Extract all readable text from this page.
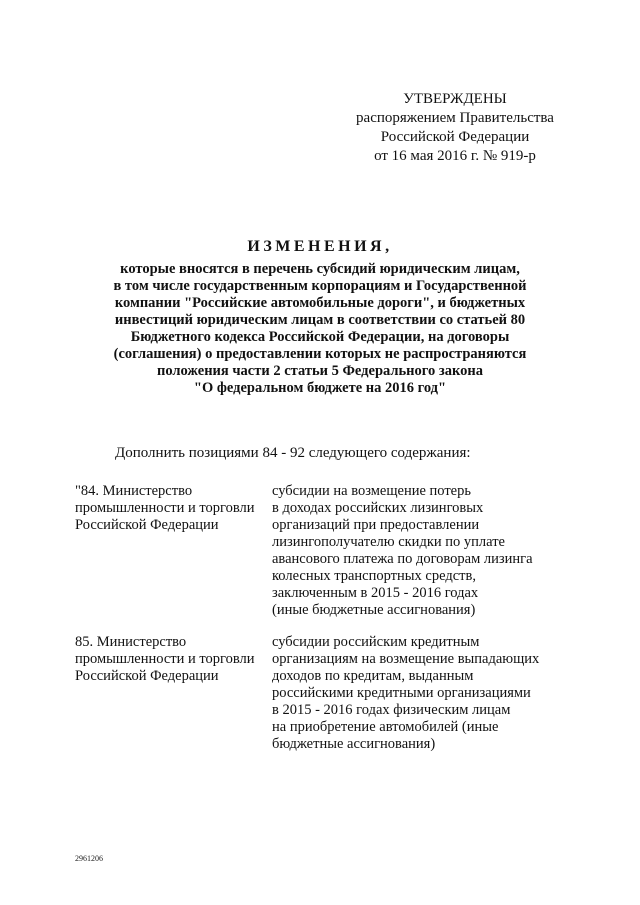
УТВЕРЖДЕНЫ
распоряжением Правительства
Российской Федерации
от 16 мая 2016 г. № 919-р
ИЗМЕНЕНИЯ,
которые вносятся в перечень субсидий юридическим лицам,
в том числе государственным корпорациям и Государственной
компании "Российские автомобильные дороги", и бюджетных
инвестиций юридическим лицам в соответствии со статьей 80
Бюджетного кодекса Российской Федерации, на договоры
(соглашения) о предоставлении которых не распространяются
положения части 2 статьи 5 Федерального закона
"О федеральном бюджете на 2016 год"
Дополнить позициями 84 - 92 следующего содержания:
"84. Министерство
промышленности и торговли
Российской Федерации
субсидии на возмещение потерь
в доходах российских лизинговых
организаций при предоставлении
лизингополучателю скидки по уплате
авансового платежа по договорам лизинга
колесных транспортных средств,
заключенным в 2015 - 2016 годах
(иные бюджетные ассигнования)
85. Министерство
промышленности и торговли
Российской Федерации
субсидии российским кредитным
организациям на возмещение выпадающих
доходов по кредитам, выданным
российскими кредитными организациями
в 2015 - 2016 годах физическим лицам
на приобретение автомобилей (иные
бюджетные ассигнования)
2961206
